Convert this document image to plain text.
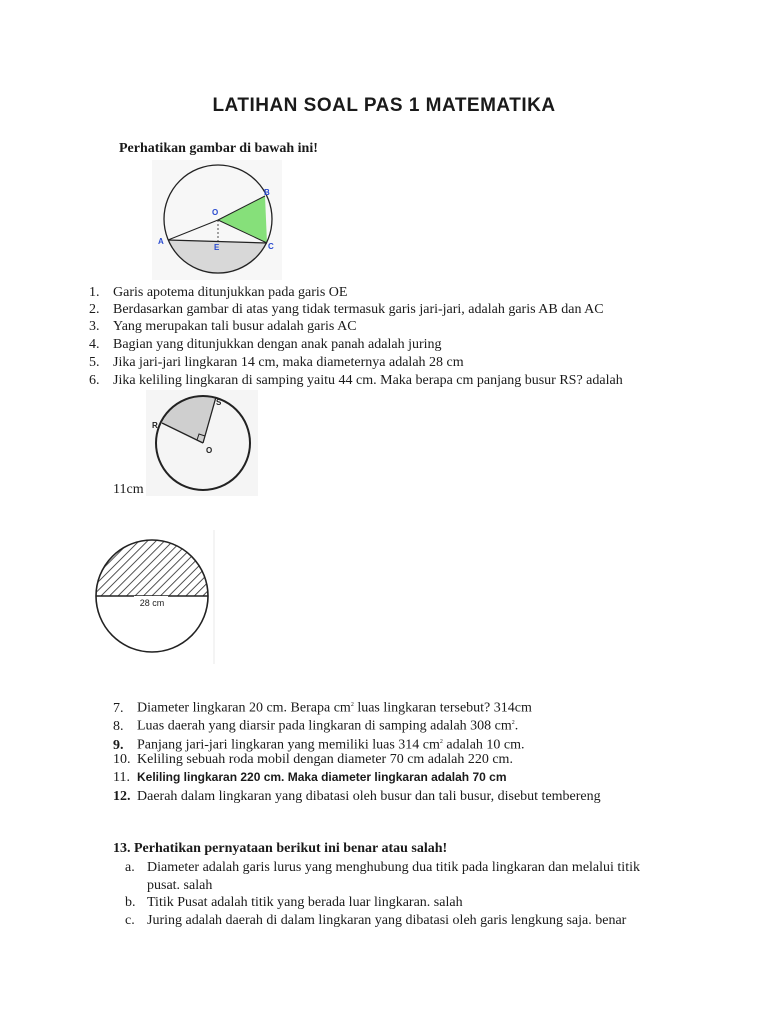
LATIHAN SOAL PAS 1 MATEMATIKA
Perhatikan gambar di bawah ini!
B
O
A
E	C
1. Garis apotema ditunjukkan pada garis OE
2. Berdasarkan gambar di atas yang tidak termasuk garis jari-jari, adalah garis AB dan AC
3. Yang merupakan tali busur adalah garis AC
4. Bagian yang ditunjukkan dengan anak panah adalah juring
5. Jika jari-jari lingkaran 14 cm, maka diameternya adalah 28 cm
6. Jika keliling lingkaran di samping yaitu 44 cm. Maka berapa cm panjang busur RS? adalah
S
R
O
11cm
28 cm
7. Diameter lingkaran 20 cm. Berapa $cm^2$ luas lingkaran tersebut? 314cm
8. Luas daerah yang diarsir pada lingkaran di samping adalah 308 $cm^2$.
9. Panjang jari-jari lingkaran yang memiliki luas 314 $cm^2$ adalah 10 cm.
10. Keliling sebuah roda mobil dengan diameter 70 cm adalah 220 cm.
11. Keliling lingkaran 220 cm. Maka diameter lingkaran adalah 70 cm
12. Daerah dalam lingkaran yang dibatasi oleh busur dan tali busur, disebut tembereng
13. Perhatikan pernyataan berikut ini benar atau salah!
a. Diameter adalah garis lurus yang menghubung dua titik pada lingkaran dan melalui titik
pusat. salah
b. Titik Pusat adalah titik yang berada luar lingkaran. salah
c. Juring adalah daerah di dalam lingkaran yang dibatasi oleh garis lengkung saja. benar
